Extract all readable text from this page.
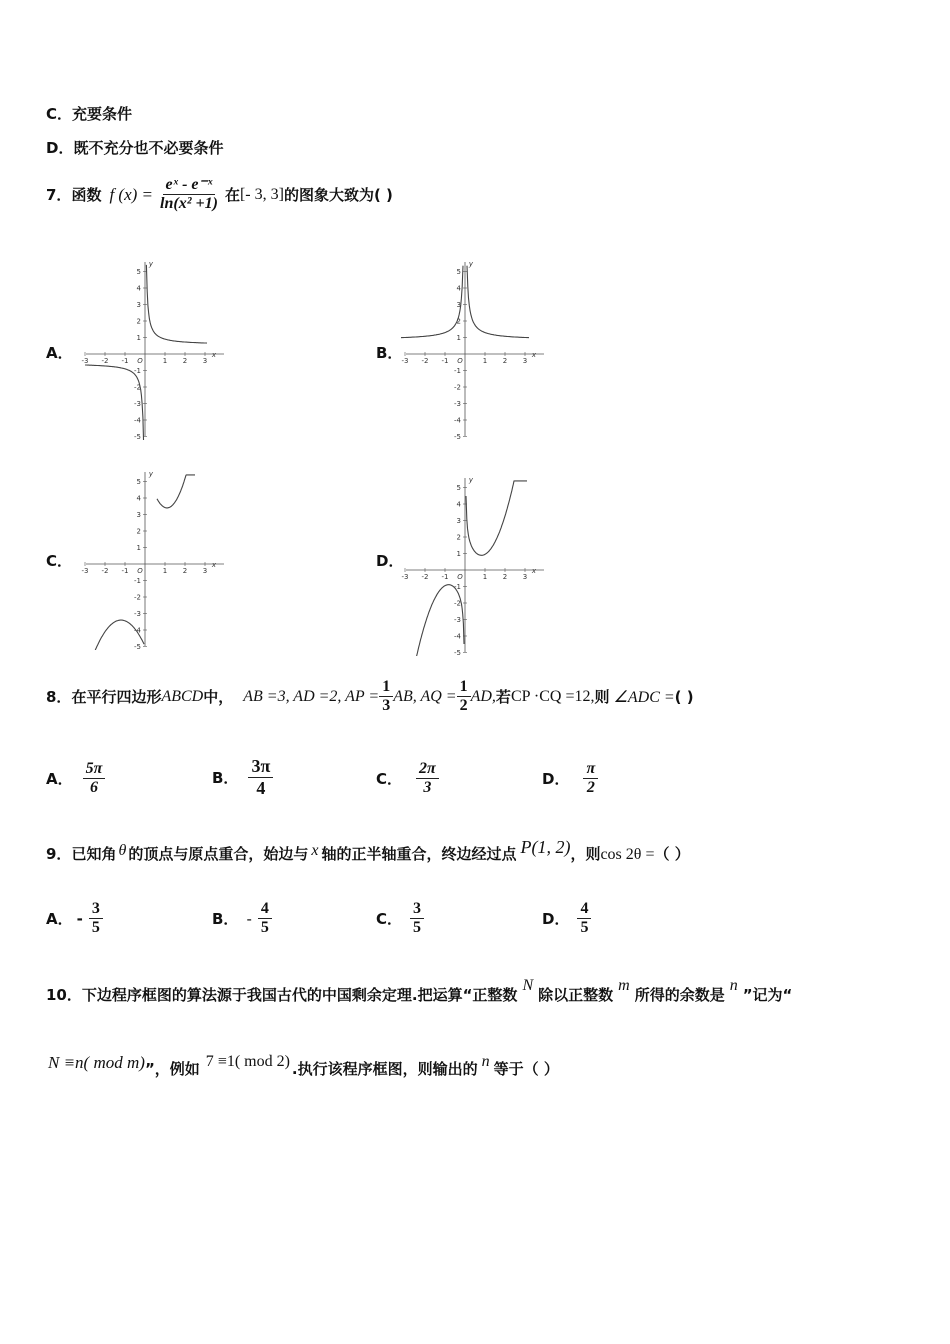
C．充要条件
D．既不充分也不必要条件
7． 函数 f $(x) = \frac{\text{eˣ - e⁻ˣ}}{\text{ln(x² +1)}}$ 在 [- 3, 3] 的图象大致为( )
A．	B．
C．	D．
-3 -2 -1 O	1 2 3
x
5
4
3
2
1
-1
-2
-3
-4
-5
y
-3 -2 -1 O	1 2 3
x
5
4
3
2
1
-1
-2
-3
-4
-5
y
-3 -2 -1 O	1 2 3
x
5
4
3
2
1
-1
-2
-3
-4
-5
y
-3 -2 -1 O	1 2 3
x
5
4
3
2
1
-1
-2
-3
-4
-5
y
8． 在平行四边形 ABCD 中， AB =3, AD =2, AP = $\frac{1}{3}$ AB, AQ = $\frac{1}{2}$ AD, 若 CP ·CQ =12, 则 ∠ADC = ( )
A． $\frac{5\pi}{6}$	B． $\frac{3\pi}{4}$	C． $\frac{2\pi}{3}$	D． $\frac{\pi}{2}$
9． 已知角 θ 的顶点与原点重合，始边与 x 轴的正半轴重合，终边经过点 P(1, 2) ，则 cos 2θ = （ ）
A． - $\frac{3}{5}$	B． - $\frac{4}{5}$	C． $\frac{3}{5}$	D． $\frac{4}{5}$
10． 下边程序框图的算法源于我国古代的中国剩余定理.把运算“正整数
N
除以正整数
m
所得的余数是
n
”记为“
N ≡n( mod m) ”，例如 7 ≡1( mod 2) .执行该程序框图，则输出的 n 等于（ ）
